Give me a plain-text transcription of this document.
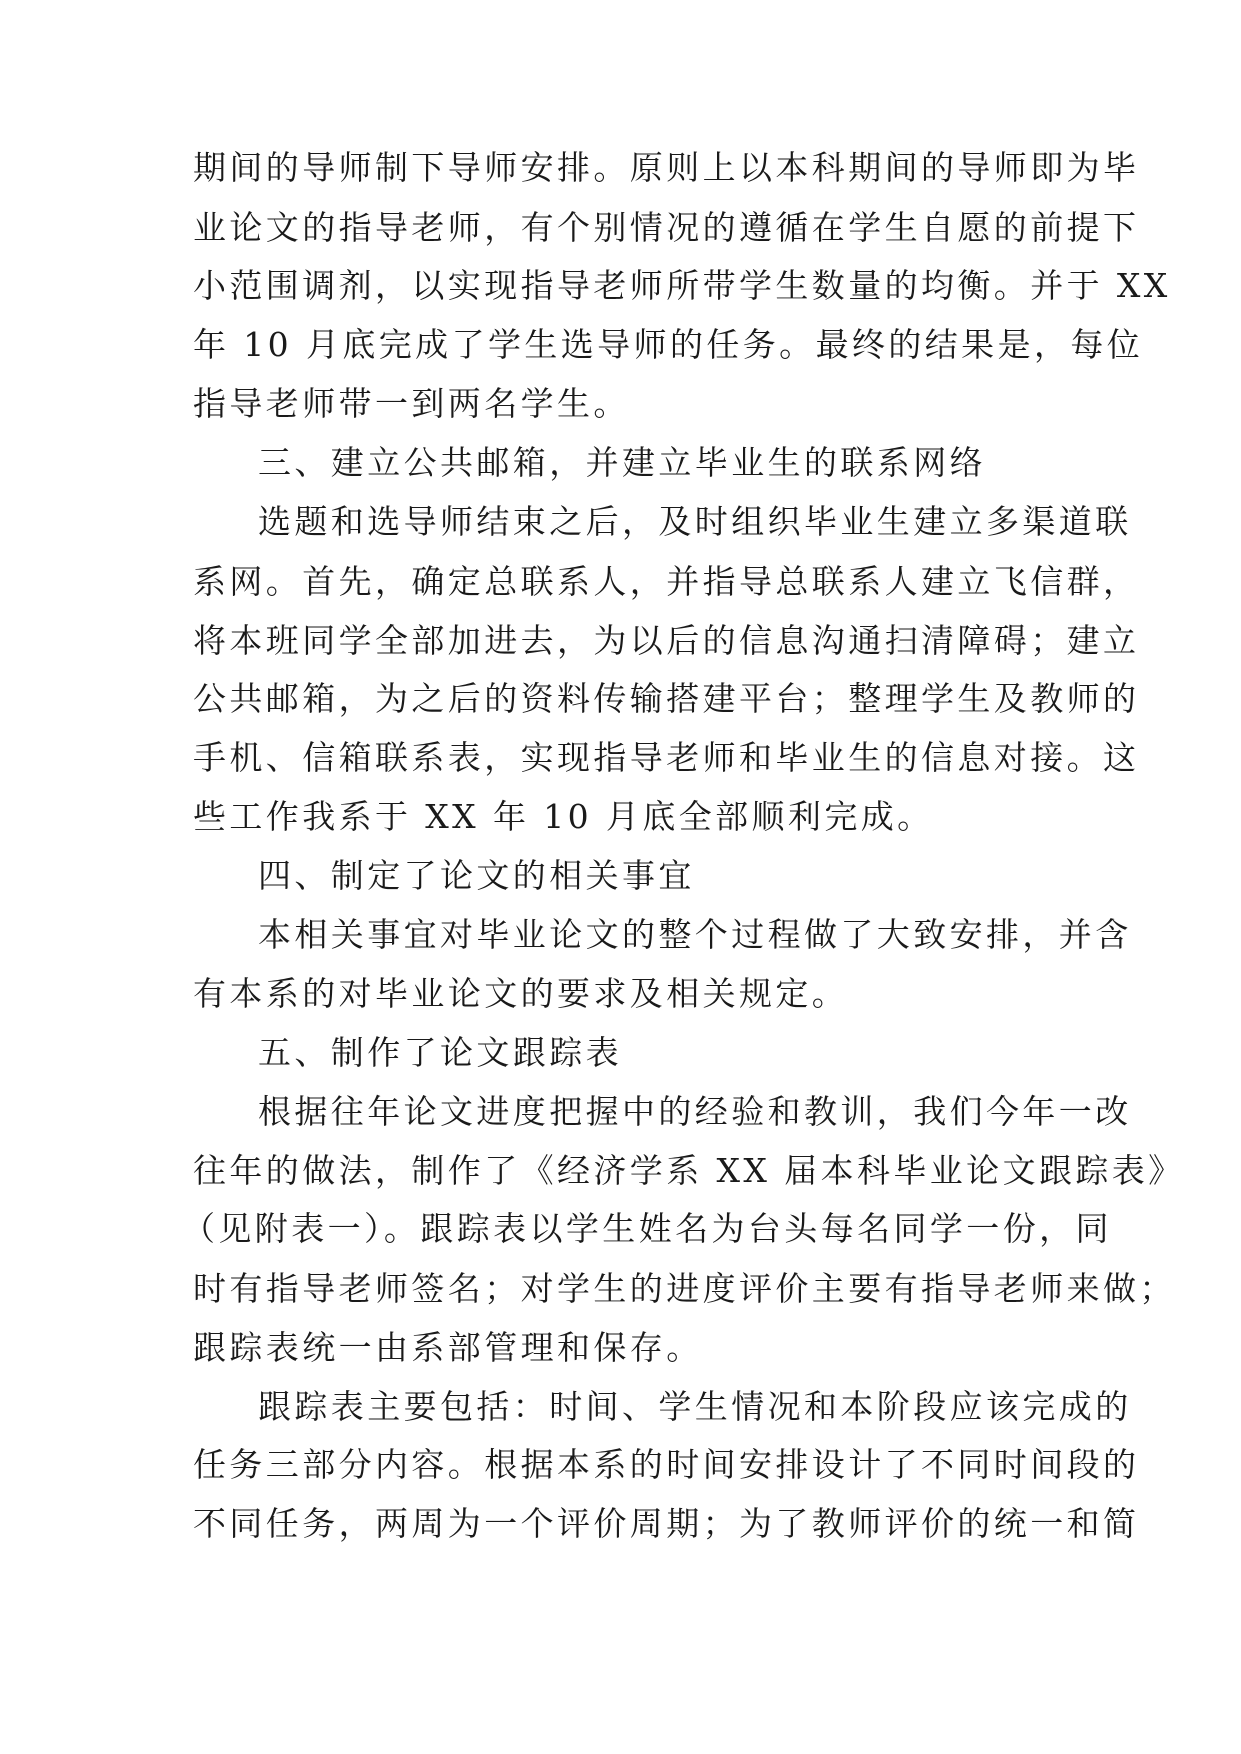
期间的导师制下导师安排。原则上以本科期间的导师即为毕

业论文的指导老师，有个别情况的遵循在学生自愿的前提下

小范围调剂，以实现指导老师所带学生数量的均衡。并于 XX

年 10 月底完成了学生选导师的任务。最终的结果是，每位

指导老师带一到两名学生。

三、建立公共邮箱，并建立毕业生的联系网络

选题和选导师结束之后，及时组织毕业生建立多渠道联

系网。首先，确定总联系人，并指导总联系人建立飞信群，

将本班同学全部加进去，为以后的信息沟通扫清障碍；建立

公共邮箱，为之后的资料传输搭建平台；整理学生及教师的

手机、信箱联系表，实现指导老师和毕业生的信息对接。这

些工作我系于 XX 年 10 月底全部顺利完成。

四、制定了论文的相关事宜

本相关事宜对毕业论文的整个过程做了大致安排，并含

有本系的对毕业论文的要求及相关规定。

五、制作了论文跟踪表

根据往年论文进度把握中的经验和教训，我们今年一改

往年的做法，制作了《经济学系 XX 届本科毕业论文跟踪表》

（见附表一）。跟踪表以学生姓名为台头每名同学一份，同

时有指导老师签名；对学生的进度评价主要有指导老师来做；

跟踪表统一由系部管理和保存。

跟踪表主要包括：时间、学生情况和本阶段应该完成的

任务三部分内容。根据本系的时间安排设计了不同时间段的

不同任务，两周为一个评价周期；为了教师评价的统一和简
